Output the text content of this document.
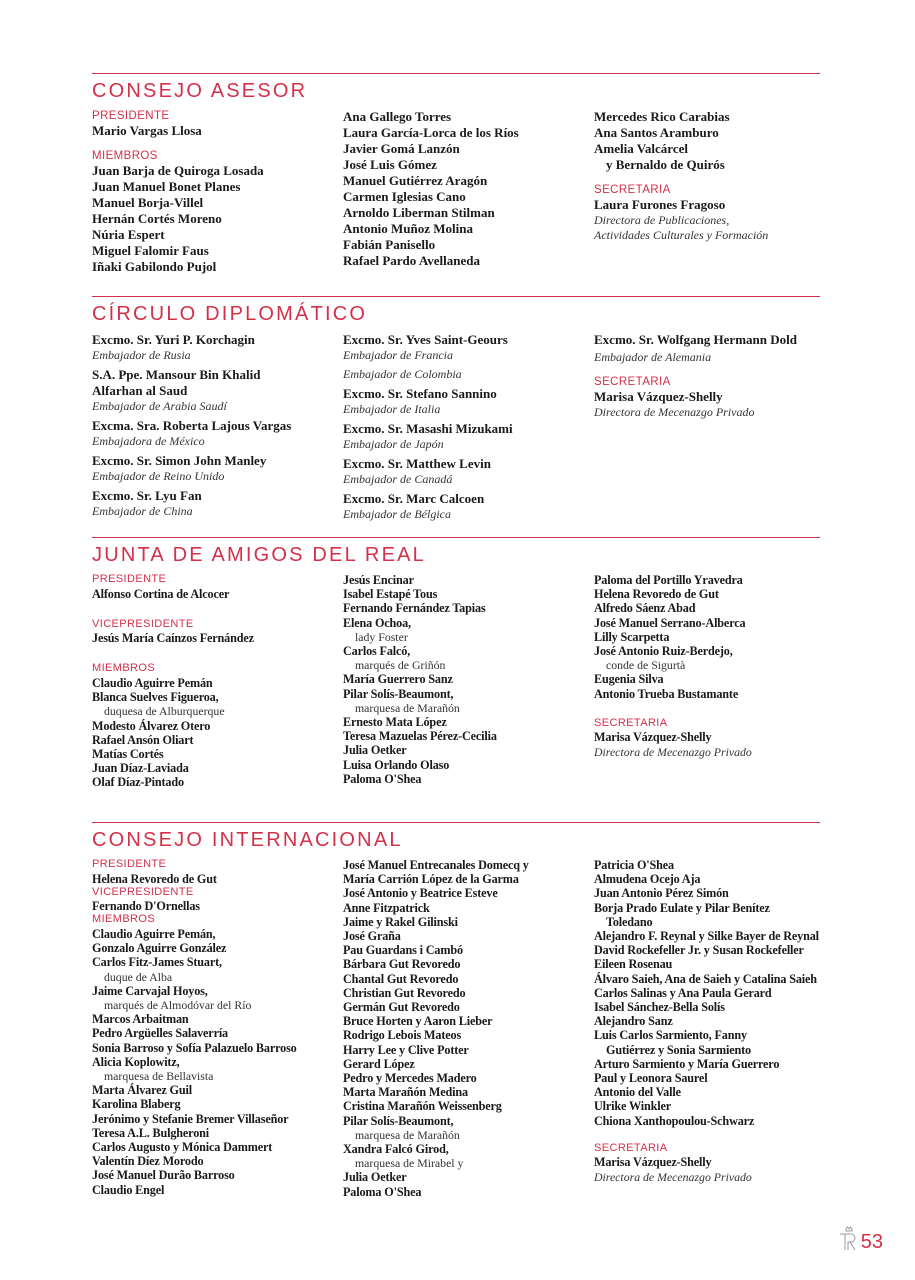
CONSEJO ASESOR
PRESIDENTE
Mario Vargas Llosa
MIEMBROS
Juan Barja de Quiroga Losada
Juan Manuel Bonet Planes
Manuel Borja-Villel
Hernán Cortés Moreno
Núria Espert
Miguel Falomir Faus
Iñaki Gabilondo Pujol
Ana Gallego Torres
Laura García-Lorca de los Ríos
Javier Gomá Lanzón
José Luis Gómez
Manuel Gutiérrez Aragón
Carmen Iglesias Cano
Arnoldo Liberman Stilman
Antonio Muñoz Molina
Fabián Panisello
Rafael Pardo Avellaneda
Mercedes Rico Carabias
Ana Santos Aramburo
Amelia Valcárcel
y Bernaldo de Quirós
SECRETARIA
Laura Furones Fragoso
Directora de Publicaciones,
Actividades Culturales y Formación
CÍRCULO DIPLOMÁTICO
Excmo. Sr. Yuri P. Korchagin
Embajador de Rusia
S.A. Ppe. Mansour Bin Khalid
Alfarhan al Saud
Embajador de Arabia Saudí
Excma. Sra. Roberta Lajous Vargas
Embajadora de México
Excmo. Sr. Simon John Manley
Embajador de Reino Unido
Excmo. Sr. Lyu Fan
Embajador de China
Excmo. Sr. Yves Saint-Geours
Embajador de Francia
Embajador de Colombia
Excmo. Sr. Stefano Sannino
Embajador de Italia
Excmo. Sr. Masashi Mizukami
Embajador de Japón
Excmo. Sr. Matthew Levin
Embajador de Canadá
Excmo. Sr. Marc Calcoen
Embajador de Bélgica
Excmo. Sr. Wolfgang Hermann Dold
Embajador de Alemania
SECRETARIA
Marisa Vázquez-Shelly
Directora de Mecenazgo Privado
JUNTA DE AMIGOS DEL REAL
PRESIDENTE
Alfonso Cortina de Alcocer
VICEPRESIDENTE
Jesús María Caínzos Fernández
MIEMBROS
Claudio Aguirre Pemán
Blanca Suelves Figueroa,
duquesa de Alburquerque
Modesto Álvarez Otero
Rafael Ansón Oliart
Matías Cortés
Juan Díaz-Laviada
Olaf Díaz-Pintado
Jesús Encinar
Isabel Estapé Tous
Fernando Fernández Tapias
Elena Ochoa,
lady Foster
Carlos Falcó,
marqués de Griñón
María Guerrero Sanz
Pilar Solís-Beaumont,
marquesa de Marañón
Ernesto Mata López
Teresa Mazuelas Pérez-Cecilia
Julia Oetker
Luisa Orlando Olaso
Paloma O'Shea
Paloma del Portillo Yravedra
Helena Revoredo de Gut
Alfredo Sáenz Abad
José Manuel Serrano-Alberca
Lilly Scarpetta
José Antonio Ruiz-Berdejo,
conde de Sigurtà
Eugenia Silva
Antonio Trueba Bustamante
SECRETARIA
Marisa Vázquez-Shelly
Directora de Mecenazgo Privado
CONSEJO INTERNACIONAL
PRESIDENTE
Helena Revoredo de Gut
VICEPRESIDENTE
Fernando D'Ornellas
MIEMBROS
Claudio Aguirre Pemán,
Gonzalo Aguirre González
Carlos Fitz-James Stuart,
duque de Alba
Jaime Carvajal Hoyos,
marqués de Almodóvar del Río
Marcos Arbaitman
Pedro Argüelles Salaverría
Sonia Barroso y Sofía Palazuelo Barroso
Alicia Koplowitz,
marquesa de Bellavista
Marta Álvarez Guil
Karolina Blaberg
Jerónimo y Stefanie Bremer Villaseñor
Teresa A.L. Bulgheroni
Carlos Augusto y Mónica Dammert
Valentín Díez Morodo
José Manuel Durão Barroso
Claudio Engel
José Manuel Entrecanales Domecq y
María Carrión López de la Garma
José Antonio y Beatrice Esteve
Anne Fitzpatrick
Jaime y Rakel Gilinski
José Graña
Pau Guardans i Cambó
Bárbara Gut Revoredo
Chantal Gut Revoredo
Christian Gut Revoredo
Germán Gut Revoredo
Bruce Horten y Aaron Lieber
Rodrigo Lebois Mateos
Harry Lee y Clive Potter
Gerard López
Pedro y Mercedes Madero
Marta Marañón Medina
Cristina Marañón Weissenberg
Pilar Solís-Beaumont,
marquesa de Marañón
Xandra Falcó Girod,
marquesa de Mirabel y
Julia Oetker
Paloma O'Shea
Patricia O'Shea
Almudena Ocejo Aja
Juan Antonio Pérez Simón
Borja Prado Eulate y Pilar Benítez
Toledano
Alejandro F. Reynal y Silke Bayer de Reynal
David Rockefeller Jr. y Susan Rockefeller
Eileen Rosenau
Álvaro Saieh, Ana de Saieh y Catalina Saieh
Carlos Salinas y Ana Paula Gerard
Isabel Sánchez-Bella Solís
Alejandro Sanz
Luis Carlos Sarmiento, Fanny
Gutiérrez y Sonia Sarmiento
Arturo Sarmiento y María Guerrero
Paul y Leonora Saurel
Antonio del Valle
Ulrike Winkler
Chiona Xanthopoulou-Schwarz
SECRETARIA
Marisa Vázquez-Shelly
Directora de Mecenazgo Privado
53
